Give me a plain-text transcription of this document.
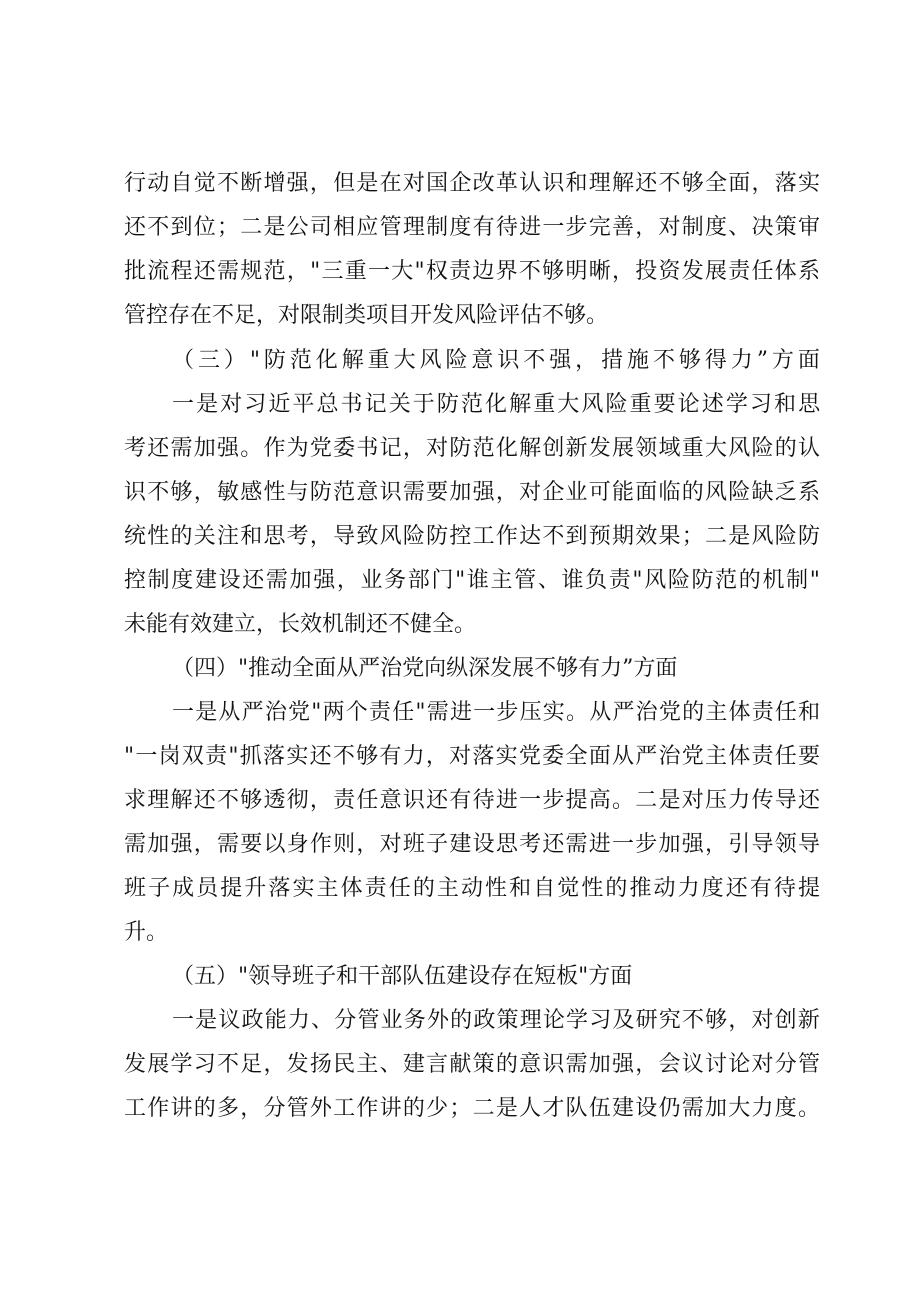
行动自觉不断增强，但是在对国企改革认识和理解还不够全面，落实
还不到位；二是公司相应管理制度有待进一步完善，对制度、决策审
批流程还需规范，"三重一大"权责边界不够明晰，投资发展责任体系
管控存在不足，对限制类项目开发风险评估不够。
（三）"防范化解重大风险意识不强，措施不够得力”方面
一是对习近平总书记关于防范化解重大风险重要论述学习和思
考还需加强。作为党委书记，对防范化解创新发展领域重大风险的认
识不够，敏感性与防范意识需要加强，对企业可能面临的风险缺乏系
统性的关注和思考，导致风险防控工作达不到预期效果；二是风险防
控制度建设还需加强，业务部门"谁主管、谁负责"风险防范的机制"
未能有效建立，长效机制还不健全。
（四）"推动全面从严治党向纵深发展不够有力”方面
一是从严治党"两个责任"需进一步压实。从严治党的主体责任和
"一岗双责"抓落实还不够有力，对落实党委全面从严治党主体责任要
求理解还不够透彻，责任意识还有待进一步提高。二是对压力传导还
需加强，需要以身作则，对班子建设思考还需进一步加强，引导领导
班子成员提升落实主体责任的主动性和自觉性的推动力度还有待提
升。
（五）"领导班子和干部队伍建设存在短板"方面
一是议政能力、分管业务外的政策理论学习及研究不够，对创新
发展学习不足，发扬民主、建言献策的意识需加强，会议讨论对分管
工作讲的多，分管外工作讲的少；二是人才队伍建设仍需加大力度。
